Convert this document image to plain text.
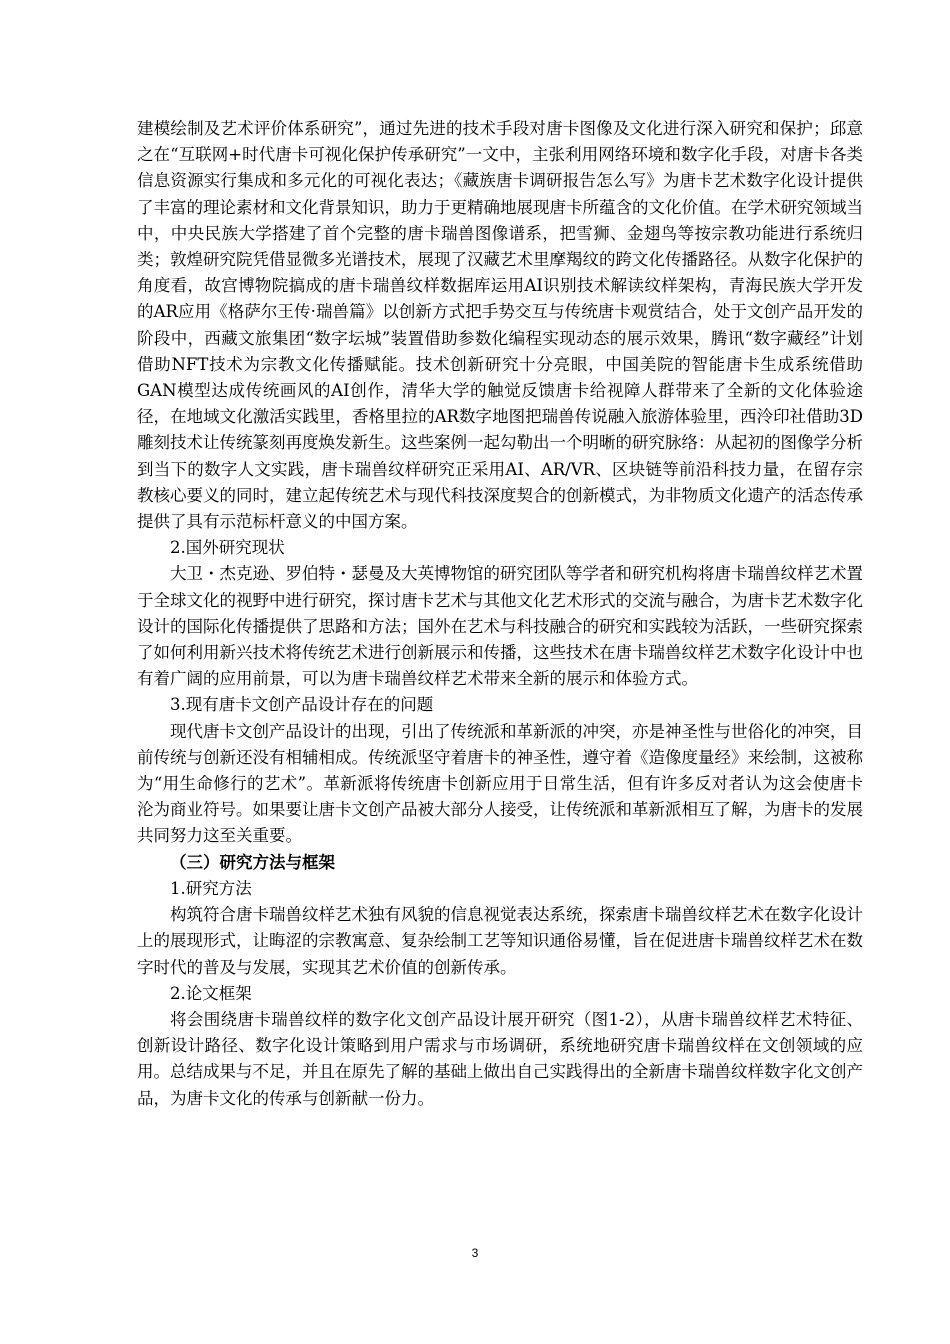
建模绘制及艺术评价体系研究”，通过先进的技术手段对唐卡图像及文化进行深入研究和保护；邱意之在“互联网+时代唐卡可视化保护传承研究”一文中，主张利用网络环境和数字化手段，对唐卡各类信息资源实行集成和多元化的可视化表达；《藏族唐卡调研报告怎么写》为唐卡艺术数字化设计提供了丰富的理论素材和文化背景知识，助力于更精确地展现唐卡所蕴含的文化价值。在学术研究领域当中，中央民族大学搭建了首个完整的唐卡瑞兽图像谱系，把雪狮、金翅鸟等按宗教功能进行系统归类；敦煌研究院凭借显微多光谱技术，展现了汉藏艺术里摩羯纹的跨文化传播路径。从数字化保护的角度看，故宫博物院搞成的唐卡瑞兽纹样数据库运用AI识别技术解读纹样架构，青海民族大学开发的AR应用《格萨尔王传·瑞兽篇》以创新方式把手势交互与传统唐卡观赏结合，处于文创产品开发的阶段中，西藏文旅集团“数字坛城”装置借助参数化编程实现动态的展示效果，腾讯“数字藏经”计划借助NFT技术为宗教文化传播赋能。技术创新研究十分亮眼，中国美院的智能唐卡生成系统借助GAN模型达成传统画风的AI创作，清华大学的触觉反馈唐卡给视障人群带来了全新的文化体验途径，在地域文化激活实践里，香格里拉的AR数字地图把瑞兽传说融入旅游体验里，西泠印社借助3D雕刻技术让传统篆刻再度焕发新生。这些案例一起勾勒出一个明晰的研究脉络：从起初的图像学分析到当下的数字人文实践，唐卡瑞兽纹样研究正采用AI、AR/VR、区块链等前沿科技力量，在留存宗教核心要义的同时，建立起传统艺术与现代科技深度契合的创新模式，为非物质文化遗产的活态传承提供了具有示范标杆意义的中国方案。

2.国外研究现状

大卫・杰克逊、罗伯特・瑟曼及大英博物馆的研究团队等学者和研究机构将唐卡瑞兽纹样艺术置于全球文化的视野中进行研究，探讨唐卡艺术与其他文化艺术形式的交流与融合，为唐卡艺术数字化设计的国际化传播提供了思路和方法；国外在艺术与科技融合的研究和实践较为活跃，一些研究探索了如何利用新兴技术将传统艺术进行创新展示和传播，这些技术在唐卡瑞兽纹样艺术数字化设计中也有着广阔的应用前景，可以为唐卡瑞兽纹样艺术带来全新的展示和体验方式。

3.现有唐卡文创产品设计存在的问题

现代唐卡文创产品设计的出现，引出了传统派和革新派的冲突，亦是神圣性与世俗化的冲突，目前传统与创新还没有相辅相成。传统派坚守着唐卡的神圣性，遵守着《造像度量经》来绘制，这被称为“用生命修行的艺术”。革新派将传统唐卡创新应用于日常生活，但有许多反对者认为这会使唐卡沦为商业符号。如果要让唐卡文创产品被大部分人接受，让传统派和革新派相互了解，为唐卡的发展共同努力这至关重要。

（三）研究方法与框架

1.研究方法

构筑符合唐卡瑞兽纹样艺术独有风貌的信息视觉表达系统，探索唐卡瑞兽纹样艺术在数字化设计上的展现形式，让晦涩的宗教寓意、复杂绘制工艺等知识通俗易懂，旨在促进唐卡瑞兽纹样艺术在数字时代的普及与发展，实现其艺术价值的创新传承。

2.论文框架

将会围绕唐卡瑞兽纹样的数字化文创产品设计展开研究（图1-2），从唐卡瑞兽纹样艺术特征、创新设计路径、数字化设计策略到用户需求与市场调研，系统地研究唐卡瑞兽纹样在文创领域的应用。总结成果与不足，并且在原先了解的基础上做出自己实践得出的全新唐卡瑞兽纹样数字化文创产品，为唐卡文化的传承与创新献一份力。

3
